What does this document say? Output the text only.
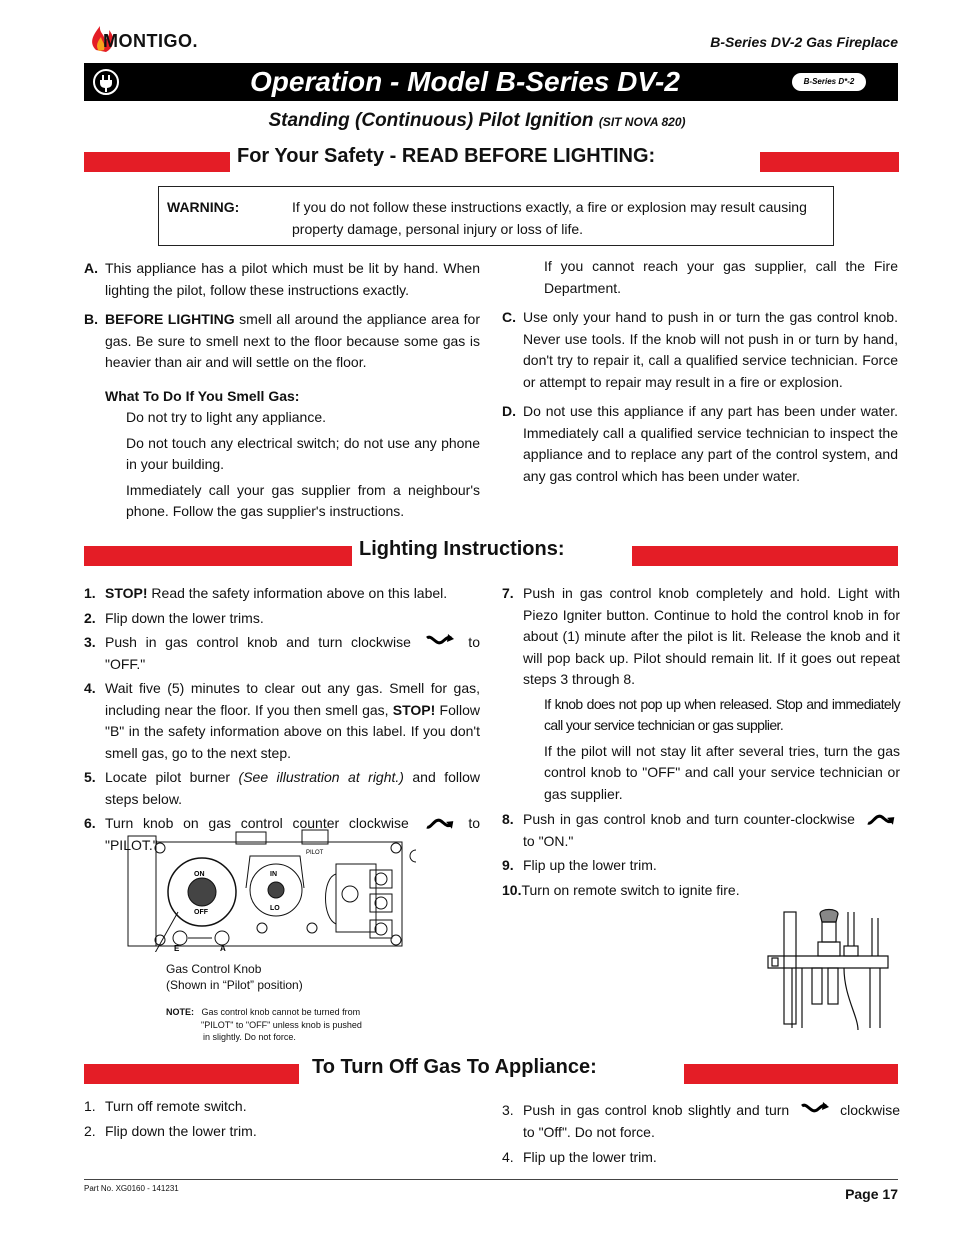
MONTIGO.	B-Series DV-2 Gas Fireplace
Operation - Model B-Series DV-2	B-Series D*-2
Standing (Continuous) Pilot Ignition (SIT NOVA 820)
For Your Safety - READ BEFORE LIGHTING:
WARNING:	If you do not follow these instructions exactly, a fire or explosion may result causing property damage, personal injury or loss of life.
A. This appliance has a pilot which must be lit by hand. When lighting the pilot, follow these instructions exactly.
B. BEFORE LIGHTING smell all around the appliance area for gas. Be sure to smell next to the floor because some gas is heavier than air and will settle on the floor.
What To Do If You Smell Gas:
Do not try to light any appliance.
Do not touch any electrical switch; do not use any phone in your building.
Immediately call your gas supplier from a neighbour's phone. Follow the gas supplier's instructions.
If you cannot reach your gas supplier, call the Fire Department.
C. Use only your hand to push in or turn the gas control knob. Never use tools. If the knob will not push in or turn by hand, don't try to repair it, call a qualified service technician. Force or attempt to repair may result in a fire or explosion.
D. Do not use this appliance if any part has been under water. Immediately call a qualified service technician to inspect the appliance and to replace any part of the control system, and any gas control which has been under water.
Lighting Instructions:
1. STOP! Read the safety information above on this label.
2. Flip down the lower trims.
3. Push in gas control knob and turn clockwise	to "OFF."
4. Wait five (5) minutes to clear out any gas. Smell for gas, including near the floor. If you then smell gas, STOP! Follow "B" in the safety information above on this label. If you don't smell gas, go to the next step.
5. Locate pilot burner (See illustration at right.) and follow steps below.
6. Turn knob on gas control counter clockwise	to "PILOT."
E	A
PILOT
ON
OFF
IN
LO
Gas Control Knob
(Shown in “Pilot” position)
NOTE: Gas control knob cannot be turned from
"PILOT" to "OFF" unless knob is pushed
in slightly. Do not force.
7. Push in gas control knob completely and hold. Light with Piezo Igniter button. Continue to hold the control knob in for about (1) minute after the pilot is lit. Release the knob and it will pop back up. Pilot should remain lit. If it goes out repeat steps 3 through 8.
If knob does not pop up when released. Stop and immediately call your service technician or gas supplier.
If the pilot will not stay lit after several tries, turn the gas control knob to "OFF" and call your service technician or gas supplier.
8. Push in gas control knob and turn counter-clockwise  to "ON."
9. Flip up the lower trim.
10.Turn on remote switch to ignite fire.
To Turn Off Gas To Appliance:
1. Turn off remote switch.
2. Flip down the lower trim.
3. Push in gas control knob slightly and turn	clockwise to "Off". Do not force.
4. Flip up the lower trim.
Part No. XG0160 - 141231	Page 17
